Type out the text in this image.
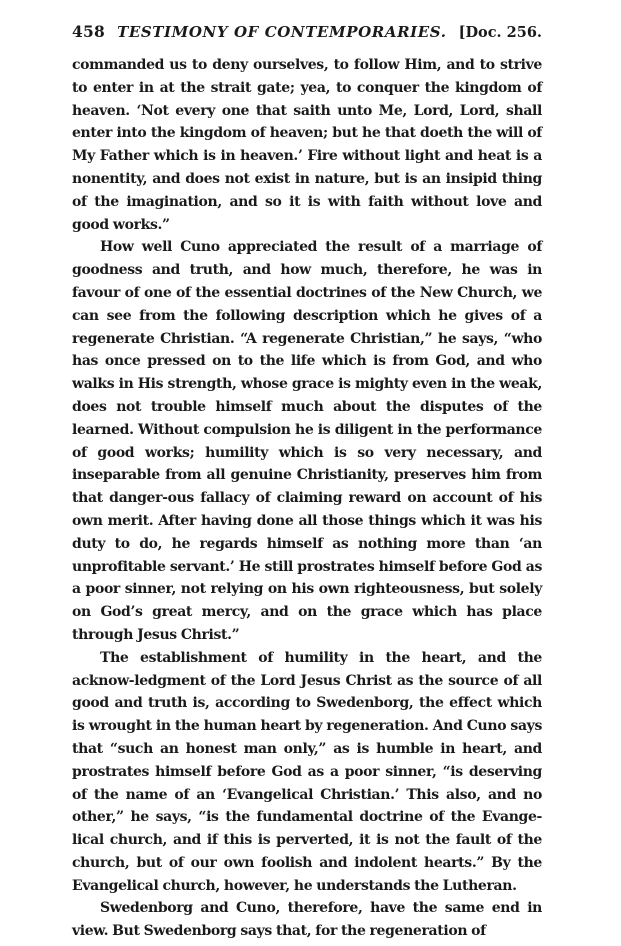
458 TESTIMONY OF CONTEMPORARIES. [Doc. 256.

commanded us to deny ourselves, to follow Him, and to strive to enter in at the strait gate; yea, to conquer the kingdom of heaven. ‘Not every one that saith unto Me, Lord, Lord, shall enter into the kingdom of heaven; but he that doeth the will of My Father which is in heaven.’ Fire without light and heat is a nonentity, and does not exist in nature, but is an insipid thing of the imagination, and so it is with faith without love and good works.”

How well Cuno appreciated the result of a marriage of goodness and truth, and how much, therefore, he was in favour of one of the essential doctrines of the New Church, we can see from the following description which he gives of a regenerate Christian. “A regenerate Christian,” he says, “who has once pressed on to the life which is from God, and who walks in His strength, whose grace is mighty even in the weak, does not trouble himself much about the disputes of the learned. Without compulsion he is diligent in the performance of good works; humility which is so very necessary, and inseparable from all genuine Christianity, preserves him from that danger-ous fallacy of claiming reward on account of his own merit. After having done all those things which it was his duty to do, he regards himself as nothing more than ‘an unprofitable servant.’ He still prostrates himself before God as a poor sinner, not relying on his own righteousness, but solely on God’s great mercy, and on the grace which has place through Jesus Christ.”

The establishment of humility in the heart, and the acknow-ledgment of the Lord Jesus Christ as the source of all good and truth is, according to Swedenborg, the effect which is wrought in the human heart by regeneration. And Cuno says that “such an honest man only,” as is humble in heart, and prostrates himself before God as a poor sinner, “is deserving of the name of an ‘Evangelical Christian.’ This also, and no other,” he says, “is the fundamental doctrine of the Evange-lical church, and if this is perverted, it is not the fault of the church, but of our own foolish and indolent hearts.” By the Evangelical church, however, he understands the Lutheran.

Swedenborg and Cuno, therefore, have the same end in view. But Swedenborg says that, for the regeneration of
